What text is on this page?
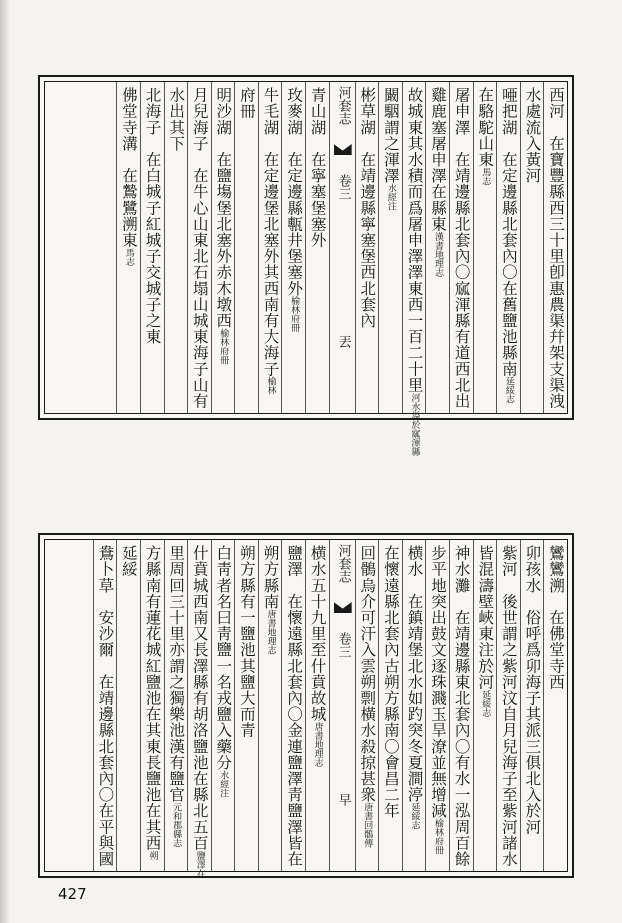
西河　在寶豐縣西三十里卽惠農渠幷架支渠洩
水處流入黃河
唖把湖　在定邊縣北套內〇在舊鹽池縣南延綏志
在駱駝山東馬志
屠申澤　在靖邊縣北套內〇寙渾縣有道西北出
雞鹿塞屠申澤在縣東漢書地理志
故城東其水積而爲屠申澤澤東西一百二十里河水溢於寙渾縣
闞駰謂之渾澤水經注
彬草湖　在靖邊縣寧塞堡西北套內
河套志  卷三 丟
青山湖　在寧塞堡塞外
玫麥湖　在定邊縣甎井堡塞外榆林府冊
牛毛湖　在定邊堡北塞外其西南有大海子榆林
府冊
明沙湖　在鹽塲堡北塞外赤木墩西榆林府冊
月兒海子　在牛心山東北石塌山城東海子山有
水出其下
北海子　在白城子紅城子交城子之東
佛堂寺溝　在鷙鷺溯東馬志
鸞鸞溯　在佛堂寺西
卯孩水　俗呼爲卯海子其派三俱北入於河
紫河　後世謂之紫河汶自月兒海子至紫河諸水
皆混濤壁峽東注於河延綏志
神水灘　在靖邊縣東北套內〇有水一泓周百餘
步平地突出鼓文逐珠濺玉旱潦並無增減榆林府冊
横水　在鎮靖堡北水如趵突冬夏澗渟延綏志
在懷遠縣北套內古朔方縣南〇會昌二年
回鶻烏介可汗入雲朔剽橫水殺掠甚衆唐書回鶻傳
河套志  卷三 早
横水五十九里至什賁故城唐書地理志
鹽澤　在懷遠縣北套內〇金連鹽澤靑鹽澤皆在
朔方縣南唐書地理志
朔方縣有一鹽池其鹽大而青
白靑者名曰靑鹽一名戎鹽入藥分水經注
什賁城西南又長澤縣有胡洛鹽池在縣北五百鹽澤在
里周回三十里亦謂之獨樂池漢有鹽官元和郡縣志
方縣南有蓮花城紅鹽池在其東長鹽池在其西朔
延綏
鴦卜草　安沙爾　在靖邊縣北套內〇在平與國
427
